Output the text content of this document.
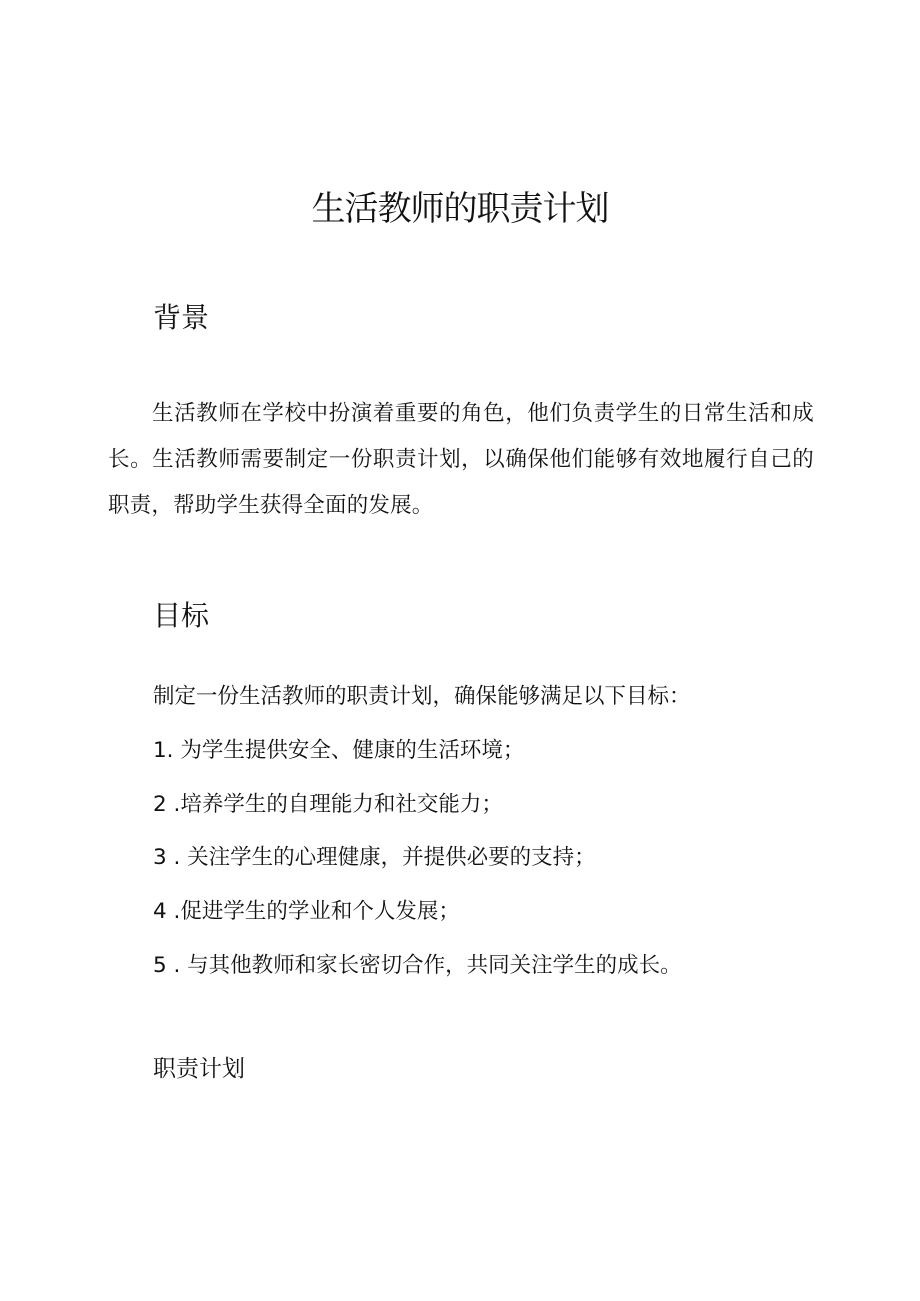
生活教师的职责计划
背景

生活教师在学校中扮演着重要的角色，他们负责学生的日常生活和成长。生活教师需要制定一份职责计划，以确保他们能够有效地履行自己的职责，帮助学生获得全面的发展。

目标

制定一份生活教师的职责计划，确保能够满足以下目标：

1. 为学生提供安全、健康的生活环境；

2 .培养学生的自理能力和社交能力；

3 . 关注学生的心理健康，并提供必要的支持；

4 .促进学生的学业和个人发展；

5 . 与其他教师和家长密切合作，共同关注学生的成长。

职责计划
